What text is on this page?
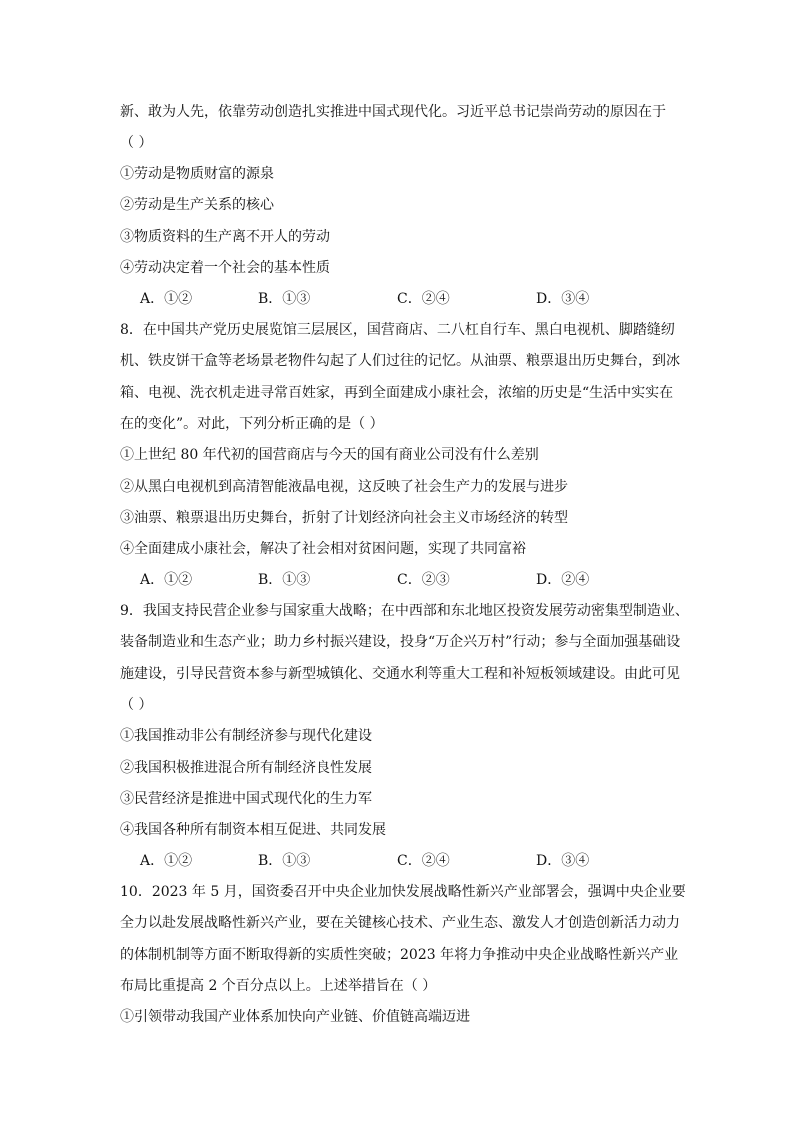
新、敢为人先，依靠劳动创造扎实推进中国式现代化。习近平总书记崇尚劳动的原因在于
（ ）
①劳动是物质财富的源泉
②劳动是生产关系的核心
③物质资料的生产离不开人的劳动
④劳动决定着一个社会的基本性质
A．①②	B．①③	C．②④	D．③④
8．在中国共产党历史展览馆三层展区，国营商店、二八杠自行车、黑白电视机、脚踏缝纫
机、铁皮饼干盒等老场景老物件勾起了人们过往的记忆。从油票、粮票退出历史舞台，到冰
箱、电视、洗衣机走进寻常百姓家，再到全面建成小康社会，浓缩的历史是“生活中实实在
在的变化”。对此，下列分析正确的是（ ）
①上世纪 80 年代初的国营商店与今天的国有商业公司没有什么差别
②从黑白电视机到高清智能液晶电视，这反映了社会生产力的发展与进步
③油票、粮票退出历史舞台，折射了计划经济向社会主义市场经济的转型
④全面建成小康社会，解决了社会相对贫困问题，实现了共同富裕
A．①②	B．①③	C．②③	D．②④
9．我国支持民营企业参与国家重大战略；在中西部和东北地区投资发展劳动密集型制造业、
装备制造业和生态产业；助力乡村振兴建设，投身“万企兴万村”行动；参与全面加强基础设
施建设，引导民营资本参与新型城镇化、交通水利等重大工程和补短板领域建设。由此可见
（ ）
①我国推动非公有制经济参与现代化建设
②我国积极推进混合所有制经济良性发展
③民营经济是推进中国式现代化的生力军
④我国各种所有制资本相互促进、共同发展
A．①②	B．①③	C．②④	D．③④
10．2023 年 5 月，国资委召开中央企业加快发展战略性新兴产业部署会，强调中央企业要
全力以赴发展战略性新兴产业，要在关键核心技术、产业生态、激发人才创造创新活力动力
的体制机制等方面不断取得新的实质性突破；2023 年将力争推动中央企业战略性新兴产业
布局比重提高 2 个百分点以上。上述举措旨在（ ）
①引领带动我国产业体系加快向产业链、价值链高端迈进
